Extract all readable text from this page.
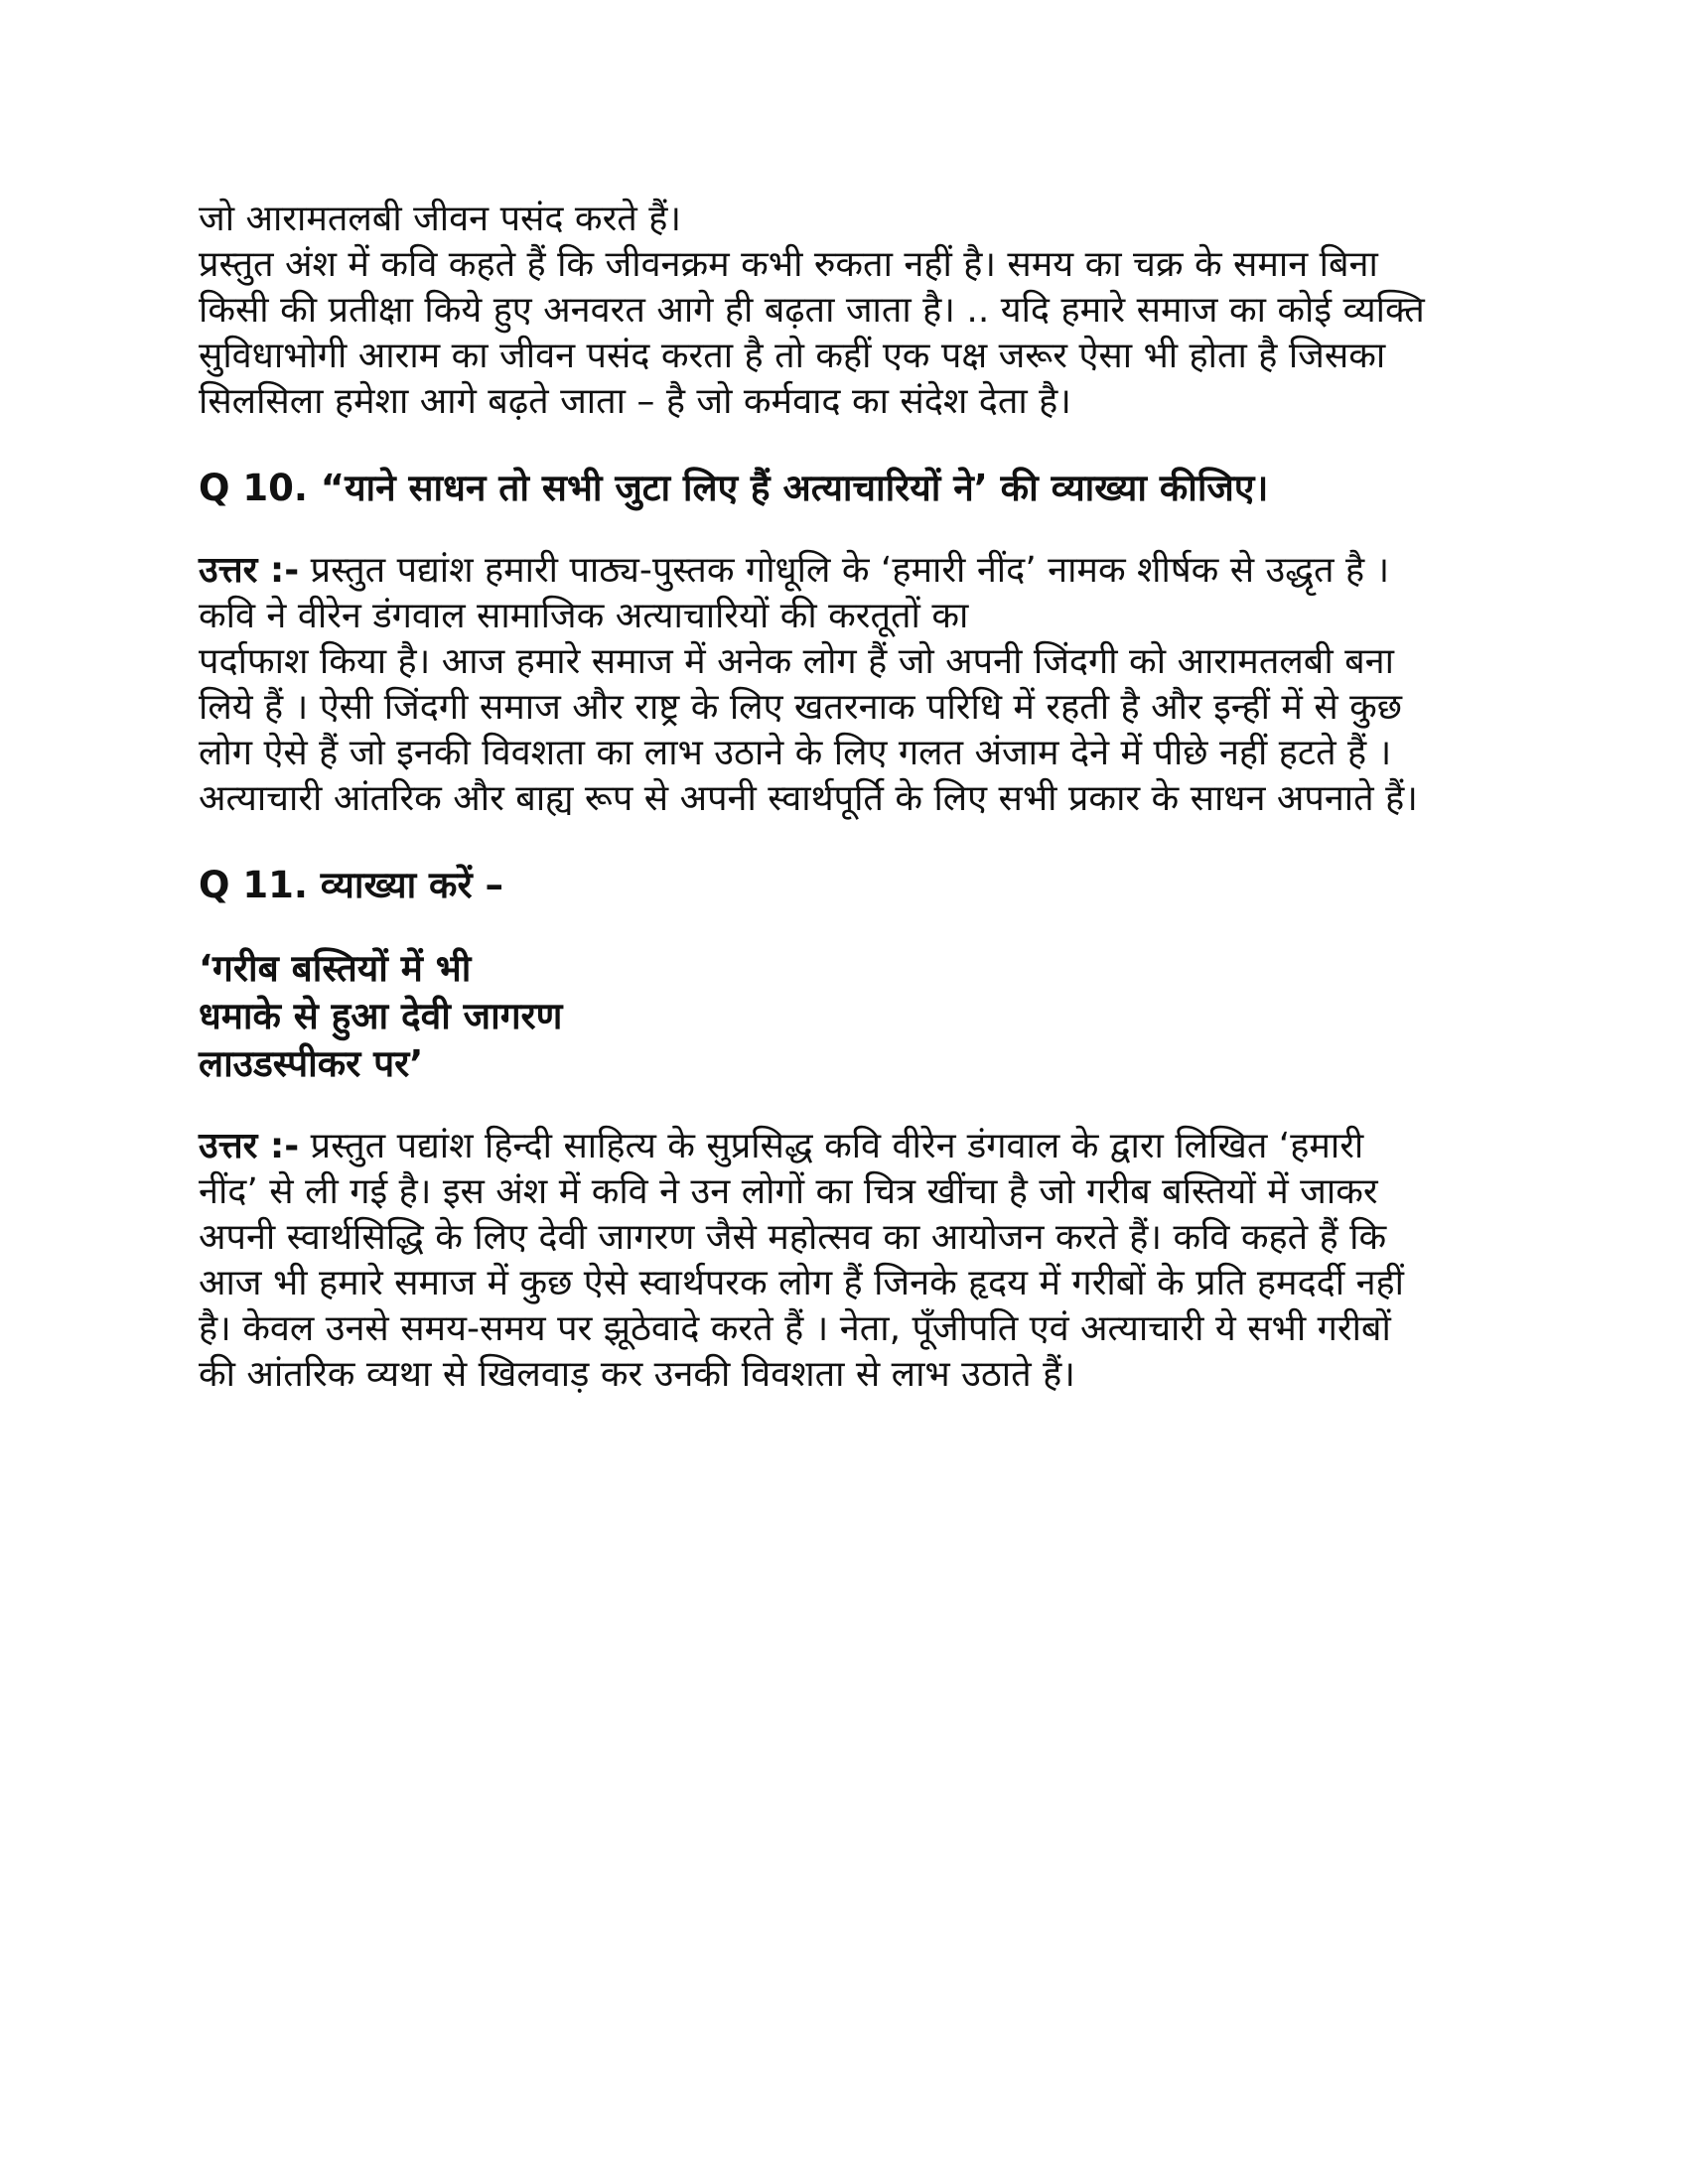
जो आरामतलबी जीवन पसंद करते हैं।
प्रस्तुत अंश में कवि कहते हैं कि जीवनक्रम कभी रुकता नहीं है। समय का चक्र के समान बिना
किसी की प्रतीक्षा किये हुए अनवरत आगे ही बढ़ता जाता है। .. यदि हमारे समाज का कोई व्यक्ति
सुविधाभोगी आराम का जीवन पसंद करता है तो कहीं एक पक्ष जरूर ऐसा भी होता है जिसका
सिलसिला हमेशा आगे बढ़ते जाता – है जो कर्मवाद का संदेश देता है।

Q 10. “याने साधन तो सभी जुटा लिए हैं अत्याचारियों ने’ की व्याख्या कीजिए।

उत्तर :- प्रस्तुत पद्यांश हमारी पाठ्य-पुस्तक गोधूलि के ‘हमारी नींद’ नामक शीर्षक से उद्धृत है ।
कवि ने वीरेन डंगवाल सामाजिक अत्याचारियों की करतूतों का
पर्दाफाश किया है। आज हमारे समाज में अनेक लोग हैं जो अपनी जिंदगी को आरामतलबी बना
लिये हैं । ऐसी जिंदगी समाज और राष्ट्र के लिए खतरनाक परिधि में रहती है और इन्हीं में से कुछ
लोग ऐसे हैं जो इनकी विवशता का लाभ उठाने के लिए गलत अंजाम देने में पीछे नहीं हटते हैं ।
अत्याचारी आंतरिक और बाह्य रूप से अपनी स्वार्थपूर्ति के लिए सभी प्रकार के साधन अपनाते हैं।

Q 11. व्याख्या करें –

‘गरीब बस्तियों में भी
धमाके से हुआ देवी जागरण
लाउडस्पीकर पर’
उत्तर :- प्रस्तुत पद्यांश हिन्दी साहित्य के सुप्रसिद्ध कवि वीरेन डंगवाल के द्वारा लिखित ‘हमारी
नींद’ से ली गई है। इस अंश में कवि ने उन लोगों का चित्र खींचा है जो गरीब बस्तियों में जाकर
अपनी स्वार्थसिद्धि के लिए देवी जागरण जैसे महोत्सव का आयोजन करते हैं। कवि कहते हैं कि
आज भी हमारे समाज में कुछ ऐसे स्वार्थपरक लोग हैं जिनके हृदय में गरीबों के प्रति हमदर्दी नहीं
है। केवल उनसे समय-समय पर झूठेवादे करते हैं । नेता, पूँजीपति एवं अत्याचारी ये सभी गरीबों
की आंतरिक व्यथा से खिलवाड़ कर उनकी विवशता से लाभ उठाते हैं।
